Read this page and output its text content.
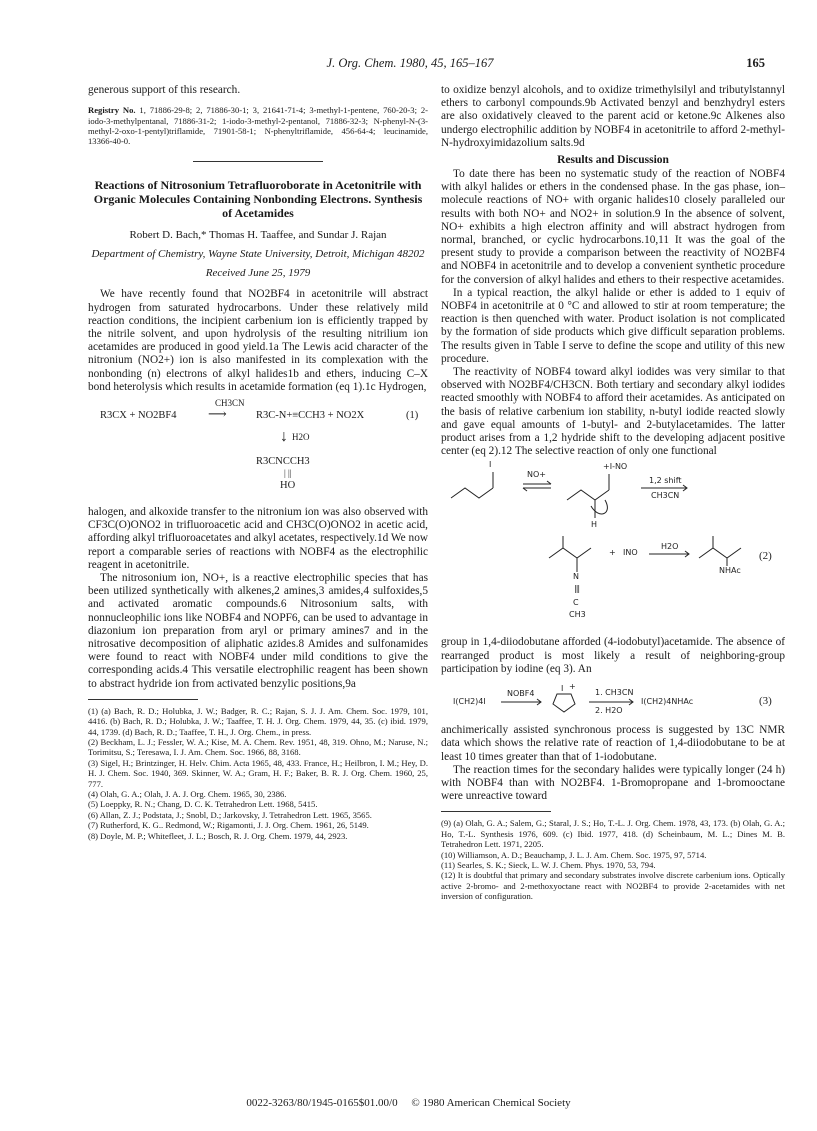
J. Org. Chem. 1980, 45, 165–167	165

generous support of this research.

Registry No. 1, 71886-29-8; 2, 71886-30-1; 3, 21641-71-4; 3-methyl-1-pentene, 760-20-3; 2-iodo-3-methylpentanal, 71886-31-2; 1-iodo-3-methyl-2-pentanol, 71886-32-3; N-phenyl-N-(3-methyl-2-oxo-1-pentyl)triflamide, 71901-58-1; N-phenyltriflamide, 456-64-4; leucinamide, 13366-40-0.

Reactions of Nitrosonium Tetrafluoroborate in Acetonitrile with Organic Molecules Containing Nonbonding Electrons. Synthesis of Acetamides
Robert D. Bach,* Thomas H. Taaffee, and Sundar J. Rajan
Department of Chemistry, Wayne State University, Detroit, Michigan 48202
Received June 25, 1979

We have recently found that NO2BF4 in acetonitrile will abstract hydrogen from saturated hydrocarbons. Under these relatively mild reaction conditions, the incipient carbenium ion is efficiently trapped by the nitrile solvent, and upon hydrolysis of the resulting nitrilium ion acetamides are produced in good yield.1a The Lewis acid character of the nitronium (NO2+) ion is also manifested in its complexation with the nonbonding (n) electrons of alkyl halides1b and ethers, inducing C–X bond heterolysis which results in acetamide formation (eq 1).1c Hydrogen,

R3CX + NO2BF4
CH3CN
⟶	R3C-N+≡CCH3 + NO2X	(1)
↓ H2O
R3CNCCH3
| ||
HO

halogen, and alkoxide transfer to the nitronium ion was also observed with CF3C(O)ONO2 in trifluoroacetic acid and CH3C(O)ONO2 in acetic acid, affording alkyl trifluoroacetates and alkyl acetates, respectively.1d We now report a comparable series of reactions with NOBF4 as the electrophilic reagent in acetonitrile.

The nitrosonium ion, NO+, is a reactive electrophilic species that has been utilized synthetically with alkenes,2 amines,3 amides,4 sulfoxides,5 and activated aromatic compounds.6 Nitrosonium salts, with nonnucleophilic ions like NOBF4 and NOPF6, can be used to advantage in diazonium ion preparation from aryl or primary amines7 and in the nitrosative decomposition of aliphatic azides.8 Amides and sulfonamides were found to react with NOBF4 under mild conditions to give the corresponding acids.4 This versatile electrophilic reagent has been shown to abstract hydride ion from activated benzylic positions,9a

(1) (a) Bach, R. D.; Holubka, J. W.; Badger, R. C.; Rajan, S. J. J. Am. Chem. Soc. 1979, 101, 4416. (b) Bach, R. D.; Holubka, J. W.; Taaffee, T. H. J. Org. Chem. 1979, 44, 35. (c) ibid. 1979, 44, 1739. (d) Bach, R. D.; Taaffee, T. H., J. Org. Chem., in press.

(2) Beckham, L. J.; Fessler, W. A.; Kise, M. A. Chem. Rev. 1951, 48, 319. Ohno, M.; Naruse, N.; Torimitsu, S.; Teresawa, I. J. Am. Chem. Soc. 1966, 88, 3168.

(3) Sigel, H.; Brintzinger, H. Helv. Chim. Acta 1965, 48, 433. France, H.; Heilbron, I. M.; Hey, D. H. J. Chem. Soc. 1940, 369. Skinner, W. A.; Gram, H. F.; Baker, B. R. J. Org. Chem. 1960, 25, 777.

(4) Olah, G. A.; Olah, J. A. J. Org. Chem. 1965, 30, 2386.

(5) Loeppky, R. N.; Chang, D. C. K. Tetrahedron Lett. 1968, 5415.

(6) Allan, Z. J.; Podstata, J.; Snobl, D.; Jarkovsky, J. Tetrahedron Lett. 1965, 3565.

(7) Rutherford, K. G.. Redmond, W.; Rigamonti, J. J. Org. Chem. 1961, 26, 5149.

(8) Doyle, M. P.; Whitefleet, J. L.; Bosch, R. J. Org. Chem. 1979, 44, 2923.

to oxidize benzyl alcohols, and to oxidize trimethylsilyl and tributylstannyl ethers to carbonyl compounds.9b Activated benzyl and benzhydryl esters are also oxidatively cleaved to the parent acid or ketone.9c Alkenes also undergo electrophilic addition by NOBF4 in acetonitrile to afford 2-methyl-N-hydroxyimidazolium salts.9d

Results and Discussion

To date there has been no systematic study of the reaction of NOBF4 with alkyl halides or ethers in the condensed phase. In the gas phase, ion–molecule reactions of NO+ with organic halides10 closely paralleled our results with both NO+ and NO2+ in solution.9 In the absence of solvent, NO+ exhibits a high electron affinity and will abstract hydrogen from normal, branched, or cyclic hydrocarbons.10,11 It was the goal of the present study to provide a comparison between the reactivity of NO2BF4 and NOBF4 in acetonitrile and to develop a convenient synthetic procedure for the conversion of alkyl halides and ethers to their respective acetamides.

In a typical reaction, the alkyl halide or ether is added to 1 equiv of NOBF4 in acetonitrile at 0 °C and allowed to stir at room temperature; the reaction is then quenched with water. Product isolation is not complicated by the formation of side products which give difficult separation problems. The results given in Table I serve to define the scope and utility of this new procedure.

The reactivity of NOBF4 toward alkyl iodides was very similar to that observed with NO2BF4/CH3CN. Both tertiary and secondary alkyl iodides reacted smoothly with NOBF4 to afford their acetamides. As anticipated on the basis of relative carbenium ion stability, n-butyl iodide reacted slowly and gave equal amounts of 1-butyl- and 2-butylacetamides. The latter product arises from a 1,2 hydride shift to the developing adjacent positive center (eq 2).12 The selective reaction of only one functional

I
NO+
+I-NO
1,2 shift
CH3CN
H
+ INO
H2O
NHAc
N
|||
C
CH3
(2)

group in 1,4-diiodobutane afforded (4-iodobutyl)acetamide. The absence of rearranged product is most likely a result of neighboring-group participation by iodine (eq 3). An

I(CH2)4I
NOBF4
I +
1. CH3CN
2. H2O
I(CH2)4NHAc	(3)

anchimerically assisted synchronous process is suggested by 13C NMR data which shows the relative rate of reaction of 1,4-diiodobutane to be at least 10 times greater than that of 1-iodobutane.

The reaction times for the secondary halides were typically longer (24 h) with NOBF4 than with NO2BF4. 1-Bromopropane and 1-bromooctane were unreactive toward

(9) (a) Olah, G. A.; Salem, G.; Staral, J. S.; Ho, T.-L. J. Org. Chem. 1978, 43, 173. (b) Olah, G. A.; Ho, T.-L. Synthesis 1976, 609. (c) Ibid. 1977, 418. (d) Scheinbaum, M. L.; Dines M. B. Tetrahedron Lett. 1971, 2205.

(10) Williamson, A. D.; Beauchamp, J. L. J. Am. Chem. Soc. 1975, 97, 5714.

(11) Searles, S. K.; Sieck, L. W. J. Chem. Phys. 1970, 53, 794.

(12) It is doubtful that primary and secondary substrates involve discrete carbenium ions. Optically active 2-bromo- and 2-methoxyoctane react with NO2BF4 to provide 2-acetamides with net inversion of configuration.

0022-3263/80/1945-0165$01.00/0 © 1980 American Chemical Society
